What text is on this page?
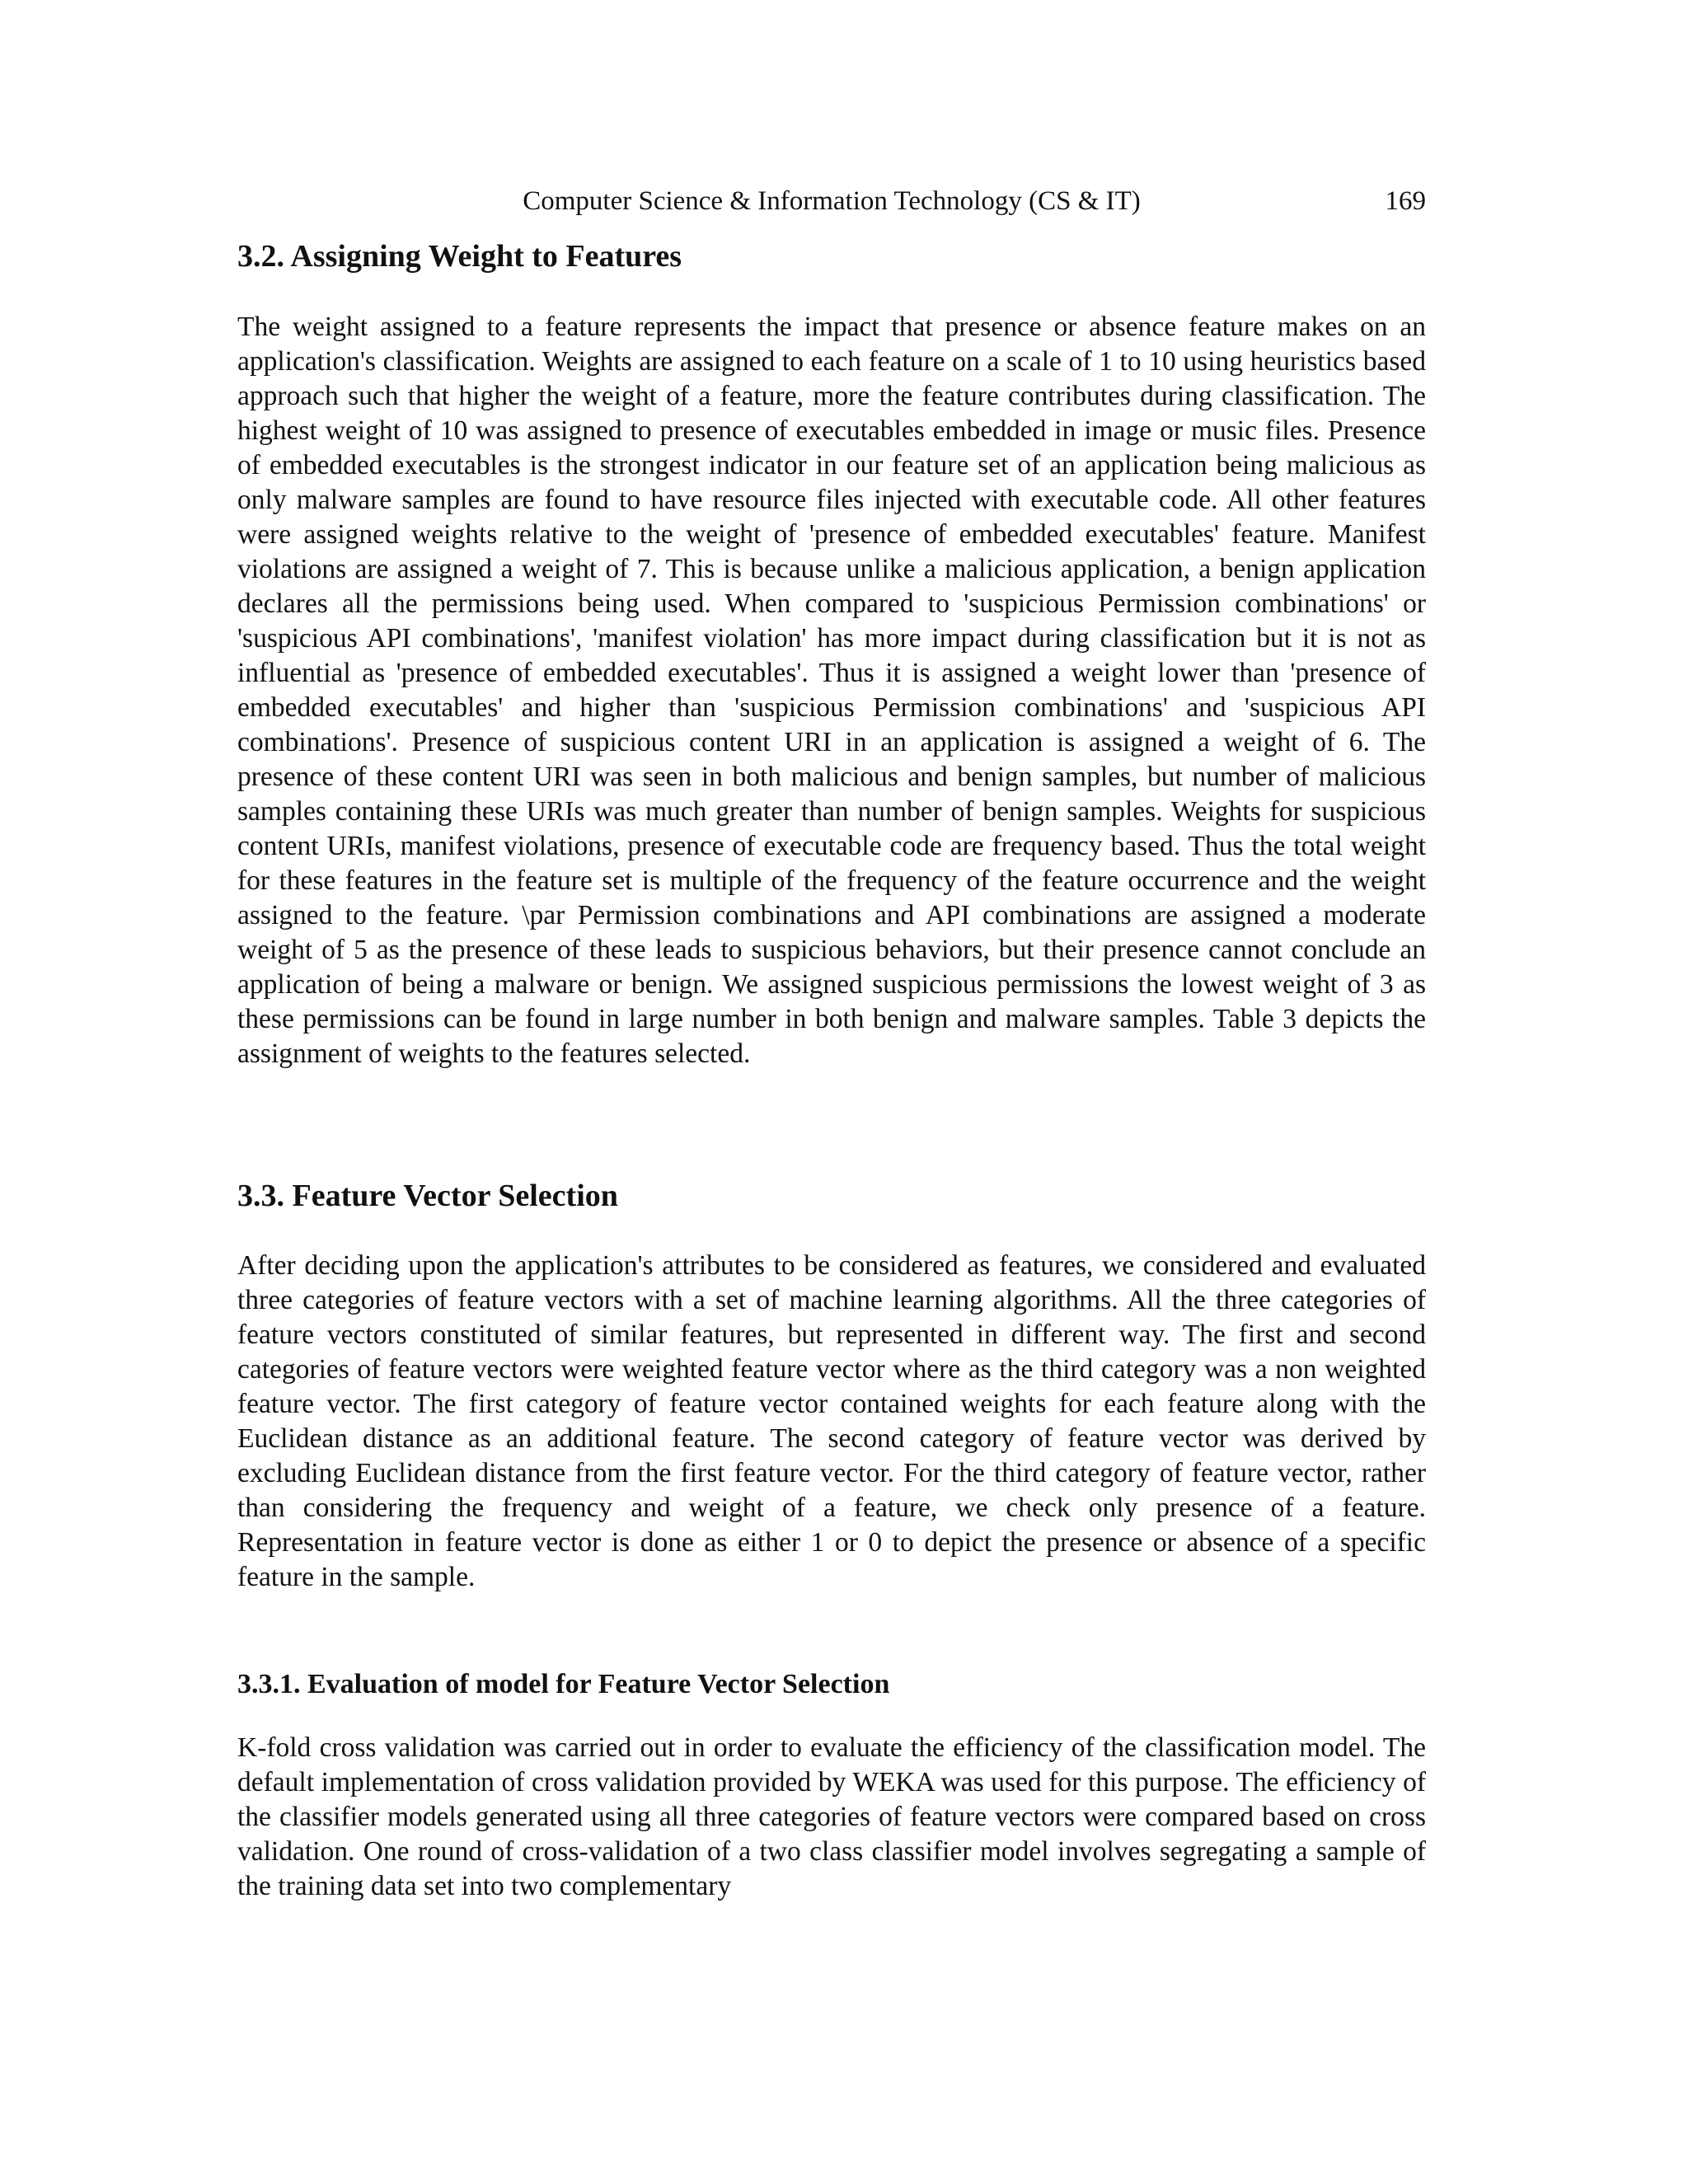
Computer Science & Information Technology (CS & IT)	169
3.2. Assigning Weight to Features

The weight assigned to a feature represents the impact that presence or absence feature makes on an application's classification. Weights are assigned to each feature on a scale of 1 to 10 using heuristics based approach such that higher the weight of a feature, more the feature contributes during classification. The highest weight of 10 was assigned to presence of executables embedded in image or music files. Presence of embedded executables is the strongest indicator in our feature set of an application being malicious as only malware samples are found to have resource files injected with executable code. All other features were assigned weights relative to the weight of 'presence of embedded executables' feature. Manifest violations are assigned a weight of 7. This is because unlike a malicious application, a benign application declares all the permissions being used. When compared to 'suspicious Permission combinations' or 'suspicious API combinations', 'manifest violation' has more impact during classification but it is not as influential as 'presence of embedded executables'. Thus it is assigned a weight lower than 'presence of embedded executables' and higher than 'suspicious Permission combinations' and 'suspicious API combinations'. Presence of suspicious content URI in an application is assigned a weight of 6. The presence of these content URI was seen in both malicious and benign samples, but number of malicious samples containing these URIs was much greater than number of benign samples. Weights for suspicious content URIs, manifest violations, presence of executable code are frequency based. Thus the total weight for these features in the feature set is multiple of the frequency of the feature occurrence and the weight assigned to the feature. \par Permission combinations and API combinations are assigned a moderate weight of 5 as the presence of these leads to suspicious behaviors, but their presence cannot conclude an application of being a malware or benign. We assigned suspicious permissions the lowest weight of 3 as these permissions can be found in large number in both benign and malware samples. Table 3 depicts the assignment of weights to the features selected.

3.3. Feature Vector Selection

After deciding upon the application's attributes to be considered as features, we considered and evaluated three categories of feature vectors with a set of machine learning algorithms. All the three categories of feature vectors constituted of similar features, but represented in different way. The first and second categories of feature vectors were weighted feature vector where as the third category was a non weighted feature vector. The first category of feature vector contained weights for each feature along with the Euclidean distance as an additional feature. The second category of feature vector was derived by excluding Euclidean distance from the first feature vector. For the third category of feature vector, rather than considering the frequency and weight of a feature, we check only presence of a feature. Representation in feature vector is done as either 1 or 0 to depict the presence or absence of a specific feature in the sample.

3.3.1. Evaluation of model for Feature Vector Selection

K-fold cross validation was carried out in order to evaluate the efficiency of the classification model. The default implementation of cross validation provided by WEKA was used for this purpose. The efficiency of the classifier models generated using all three categories of feature vectors were compared based on cross validation. One round of cross-validation of a two class classifier model involves segregating a sample of the training data set into two complementary
